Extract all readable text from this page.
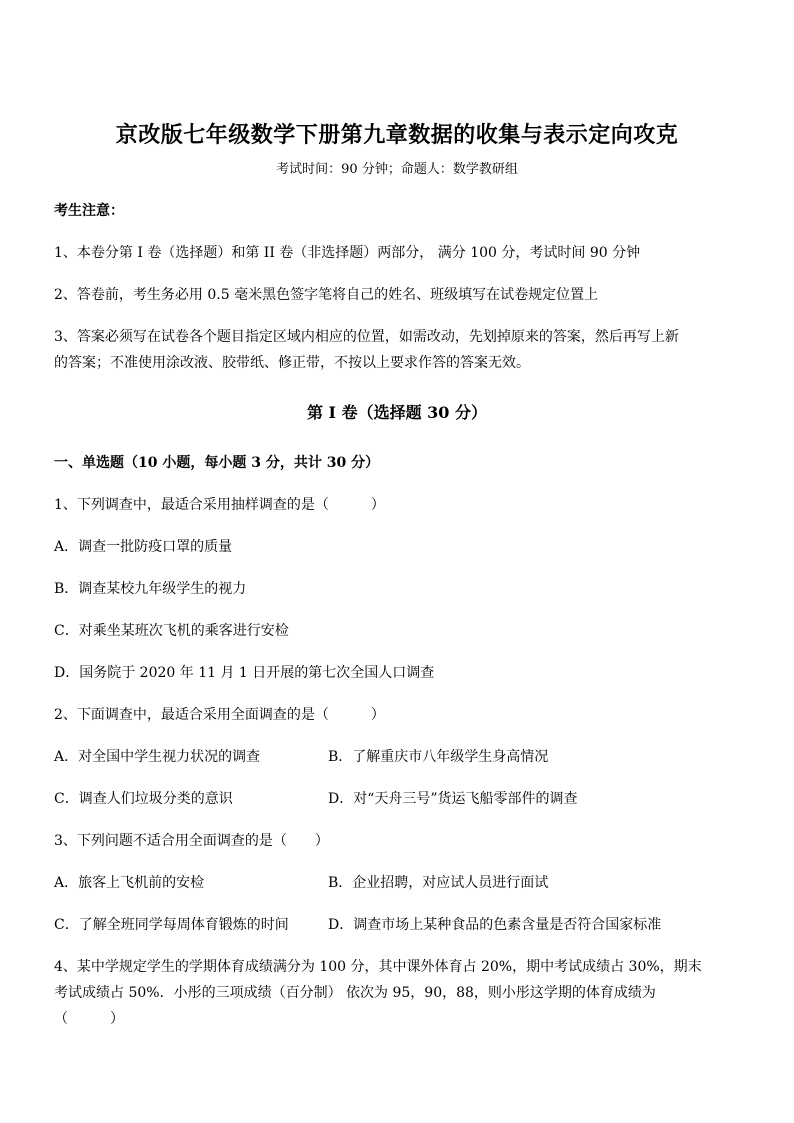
京改版七年级数学下册第九章数据的收集与表示定向攻克
考试时间：90 分钟；命题人：数学教研组
考生注意：
1、本卷分第 I 卷（选择题）和第 II 卷（非选择题）两部分， 满分 100 分，考试时间 90 分钟
2、答卷前，考生务必用 0.5 毫米黑色签字笔将自己的姓名、班级填写在试卷规定位置上
3、答案必须写在试卷各个题目指定区域内相应的位置，如需改动，先划掉原来的答案，然后再写上新
的答案；不准使用涂改液、胶带纸、修正带，不按以上要求作答的答案无效。
第 I 卷（选择题 30 分）
一、单选题（10 小题，每小题 3 分，共计 30 分）
1、下列调查中，最适合采用抽样调查的是（　　　）
A．调查一批防疫口罩的质量
B．调查某校九年级学生的视力
C．对乘坐某班次飞机的乘客进行安检
D．国务院于 2020 年 11 月 1 日开展的第七次全国人口调查
2、下面调查中，最适合采用全面调查的是（　　　）
A．对全国中学生视力状况的调查	B．了解重庆市八年级学生身高情况
C．调查人们垃圾分类的意识	D．对“天舟三号”货运飞船零部件的调查
3、下列问题不适合用全面调查的是（　　）
A．旅客上飞机前的安检	B．企业招聘，对应试人员进行面试
C．了解全班同学每周体育锻炼的时间	D．调查市场上某种食品的色素含量是否符合国家标准
4、某中学规定学生的学期体育成绩满分为 100 分，其中课外体育占 20%，期中考试成绩占 30%，期末
考试成绩占 50%．小彤的三项成绩（百分制） 依次为 95，90，88，则小彤这学期的体育成绩为
（　　　）
